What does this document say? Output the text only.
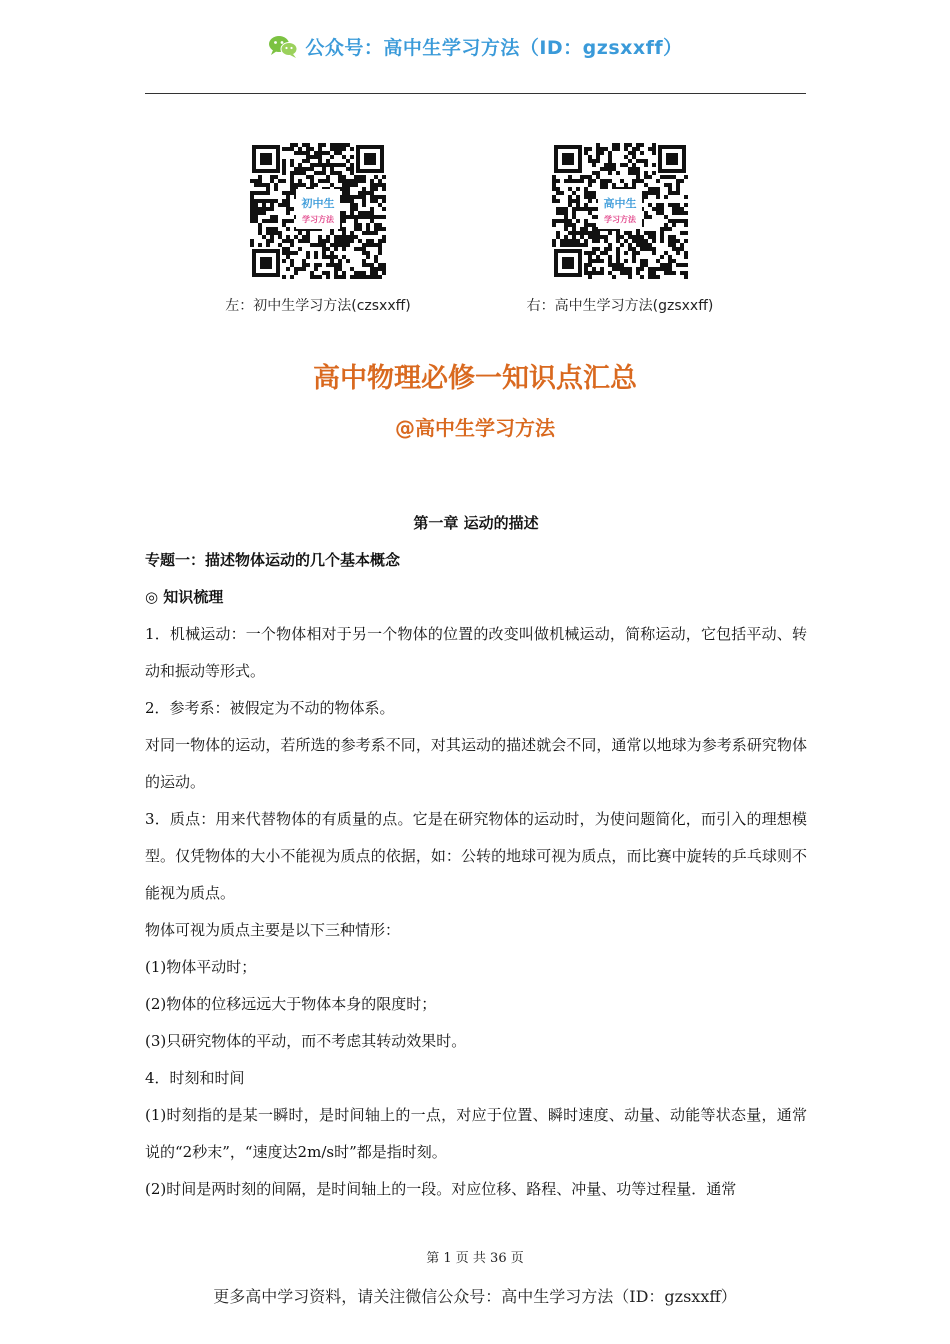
公众号：高中生学习方法（ID：gzsxxff）
初中生
学习方法
左：初中生学习方法(czsxxff)
高中生
学习方法
右：高中生学习方法(gzsxxff)
高中物理必修一知识点汇总
@高中生学习方法

第一章 运动的描述

专题一：描述物体运动的几个基本概念

◎ 知识梳理

1．机械运动：一个物体相对于另一个物体的位置的改变叫做机械运动，简称运动，它包括平动、转动和振动等形式。

2．参考系：被假定为不动的物体系。

对同一物体的运动，若所选的参考系不同，对其运动的描述就会不同，通常以地球为参考系研究物体的运动。

3．质点：用来代替物体的有质量的点。它是在研究物体的运动时，为使问题简化，而引入的理想模型。仅凭物体的大小不能视为质点的依据，如：公转的地球可视为质点，而比赛中旋转的乒乓球则不能视为质点。

物体可视为质点主要是以下三种情形：

(1)物体平动时；

(2)物体的位移远远大于物体本身的限度时；

(3)只研究物体的平动，而不考虑其转动效果时。

4．时刻和时间

(1)时刻指的是某一瞬时，是时间轴上的一点，对应于位置、瞬时速度、动量、动能等状态量，通常说的“2秒末”，“速度达2m/s时”都是指时刻。

(2)时间是两时刻的间隔，是时间轴上的一段。对应位移、路程、冲量、功等过程量．通常

第 1 页 共 36 页
更多高中学习资料，请关注微信公众号：高中生学习方法（ID：gzsxxff）
